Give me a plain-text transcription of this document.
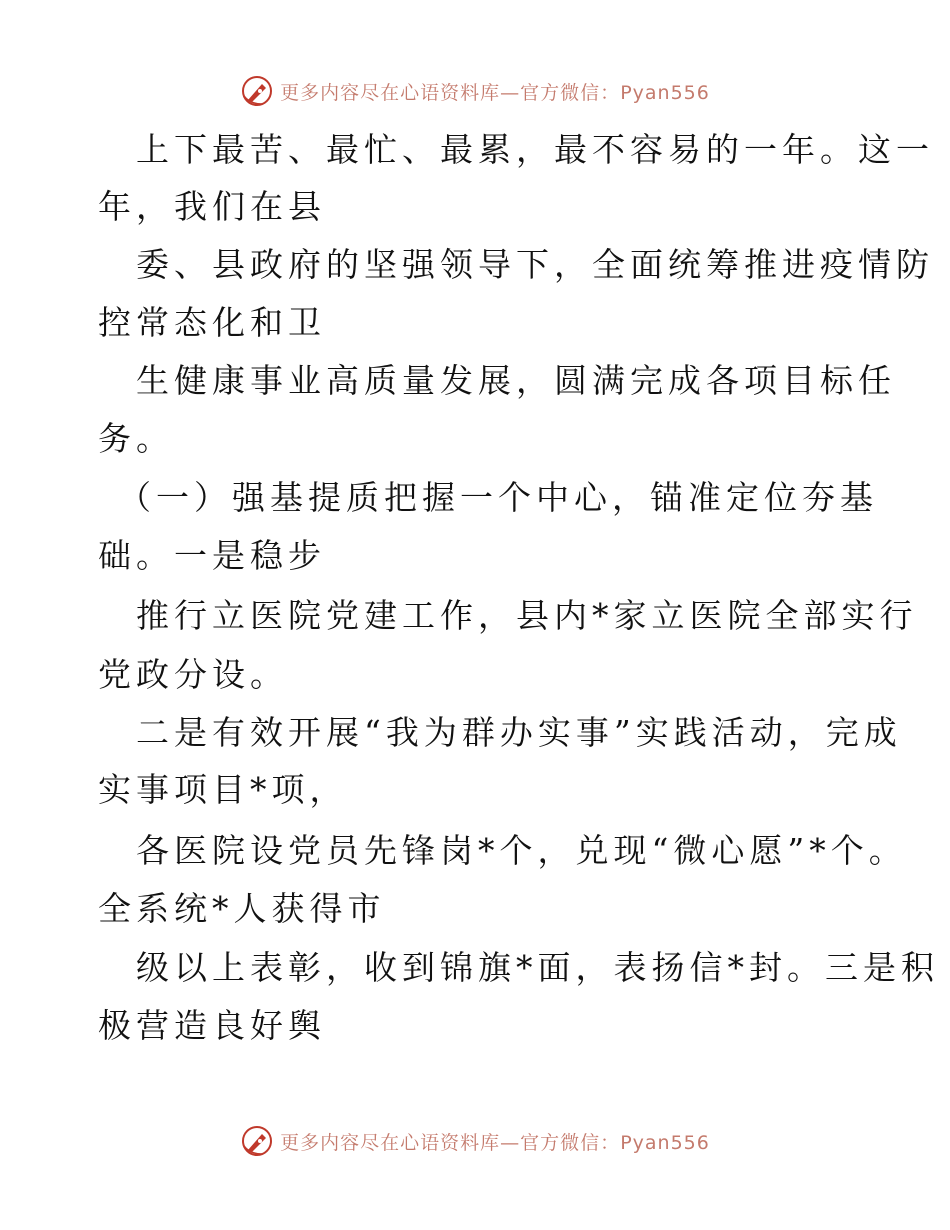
更多内容尽在心语资料库—官方微信：Pyan556
上下最苦、最忙、最累，最不容易的一年。这一
年，我们在县
委、县政府的坚强领导下，全面统筹推进疫情防
控常态化和卫
生健康事业高质量发展，圆满完成各项目标任
务。
（一）强基提质把握一个中心，锚准定位夯基
础。一是稳步
推行立医院党建工作，县内*家立医院全部实行
党政分设。
二是有效开展“我为群办实事”实践活动，完成
实事项目*项，
各医院设党员先锋岗*个，兑现“微心愿”*个。
全系统*人获得市
级以上表彰，收到锦旗*面，表扬信*封。三是积
极营造良好舆
更多内容尽在心语资料库—官方微信：Pyan556
